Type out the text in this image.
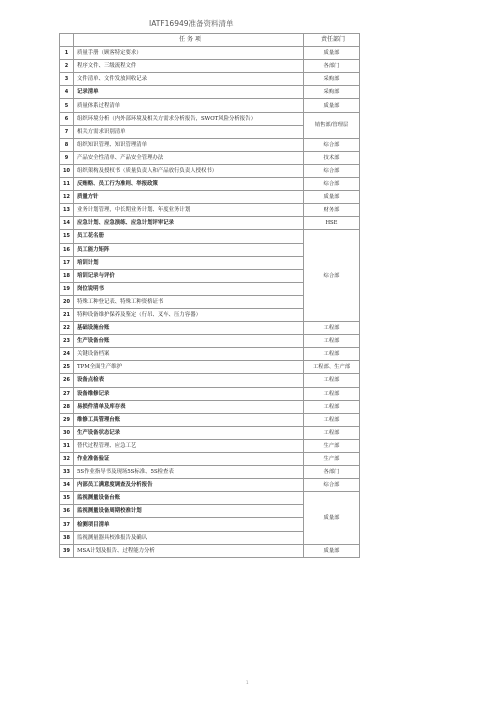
IATF16949准备资料清单
	任 务 项	责任部门
1	质量手册（顾客特定要求）	质量部
2	程序文件、三级流程文件	各部门
3	文件清单、文件发放回收记录	采购部
4	记录清单	采购部
5	质量体系过程清单	质量部
6	组织环境分析（内外部环境及相关方需求分析报告，SWOT风险分析报告）	销售部/管理层
7	相关方需求识别清单	
8	组织知识管理、知识管理清单	综合部
9	产品安全性清单、产品安全管理办法	技术部
10	组织架构及授权书（质量负责人和产品放行负责人授权书）	综合部
11	反贿赂、员工行为准则、举报政策	综合部
12	质量方针	质量部
13	业务计划管理，中长期业务计划、年度业务计划	财务部
14	应急计划、应急演练、应急计划评审记录	HSE
15	员工花名册	综合部
16	员工能力矩阵	
17	培训计划	
18	培训记录与评价	
19	岗位说明书	
20	特殊工种登记表、特殊工种资格证书	
21	特种设备维护保养及鉴定（行吊、叉车、压力容器）	
22	基础设施台账	工程部
23	生产设备台账	工程部
24	关键设备档案	工程部
25	TPM全面生产维护	工程部、生产部
26	设备点检表	工程部
27	设备维修记录	工程部
28	易损件清单及库存表	工程部
29	维修工具管理台账	工程部
30	生产设备状态记录	工程部
31	替代过程管理、应急工艺	生产部
32	作业准备验证	生产部
33	5S作业指导书及现场5S标准、5S检查表	各部门
34	内部员工满意度调查及分析报告	综合部
35	监视测量设备台账	质量部
36	监视测量设备周期校准计划	
37	检测项目清单	
38	监视测量器具校准报告及确认	
39	MSA计划及报告、过程能力分析	质量部
1
